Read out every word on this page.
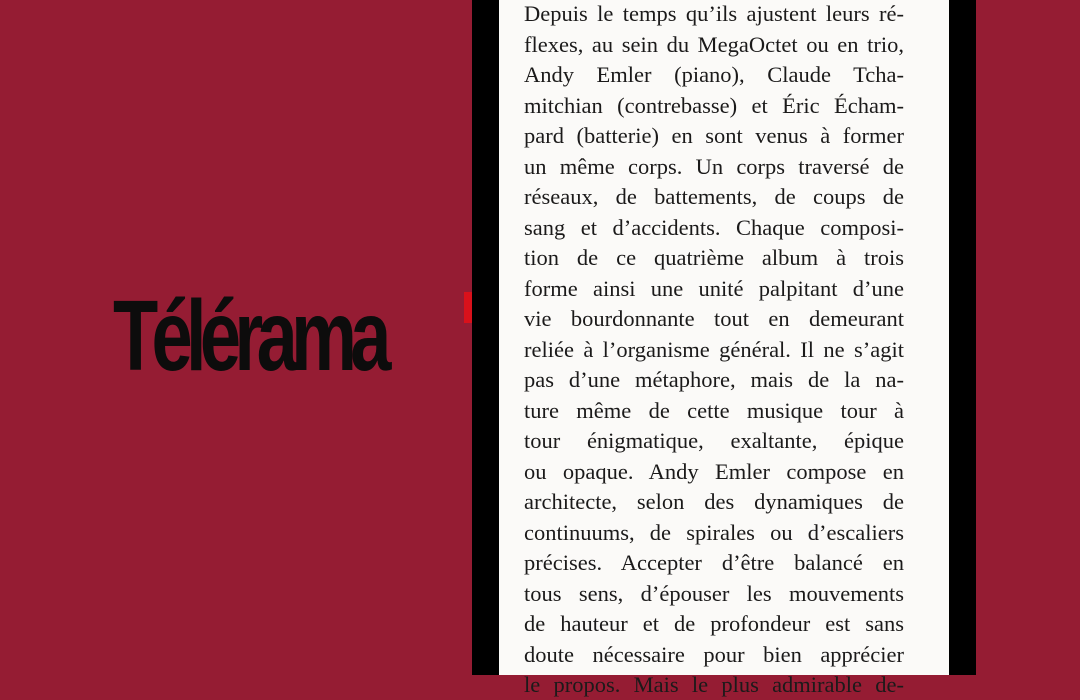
Télérama
Depuis le temps qu’ils ajustent leurs ré-
flexes, au sein du MegaOctet ou en trio,
Andy Emler (piano), Claude Tcha-
mitchian (contrebasse) et Éric Écham-
pard (batterie) en sont venus à former
un même corps. Un corps traversé de
réseaux, de battements, de coups de
sang et d’accidents. Chaque composi-
tion de ce quatrième album à trois
forme ainsi une unité palpitant d’une
vie bourdonnante tout en demeurant
reliée à l’organisme général. Il ne s’agit
pas d’une métaphore, mais de la na-
ture même de cette musique tour à
tour énigmatique, exaltante, épique
ou opaque. Andy Emler compose en
architecte, selon des dynamiques de
continuums, de spirales ou d’escaliers
précises. Accepter d’être balancé en
tous sens, d’épouser les mouvements
de hauteur et de profondeur est sans
doute nécessaire pour bien apprécier
le propos. Mais le plus admirable de-
